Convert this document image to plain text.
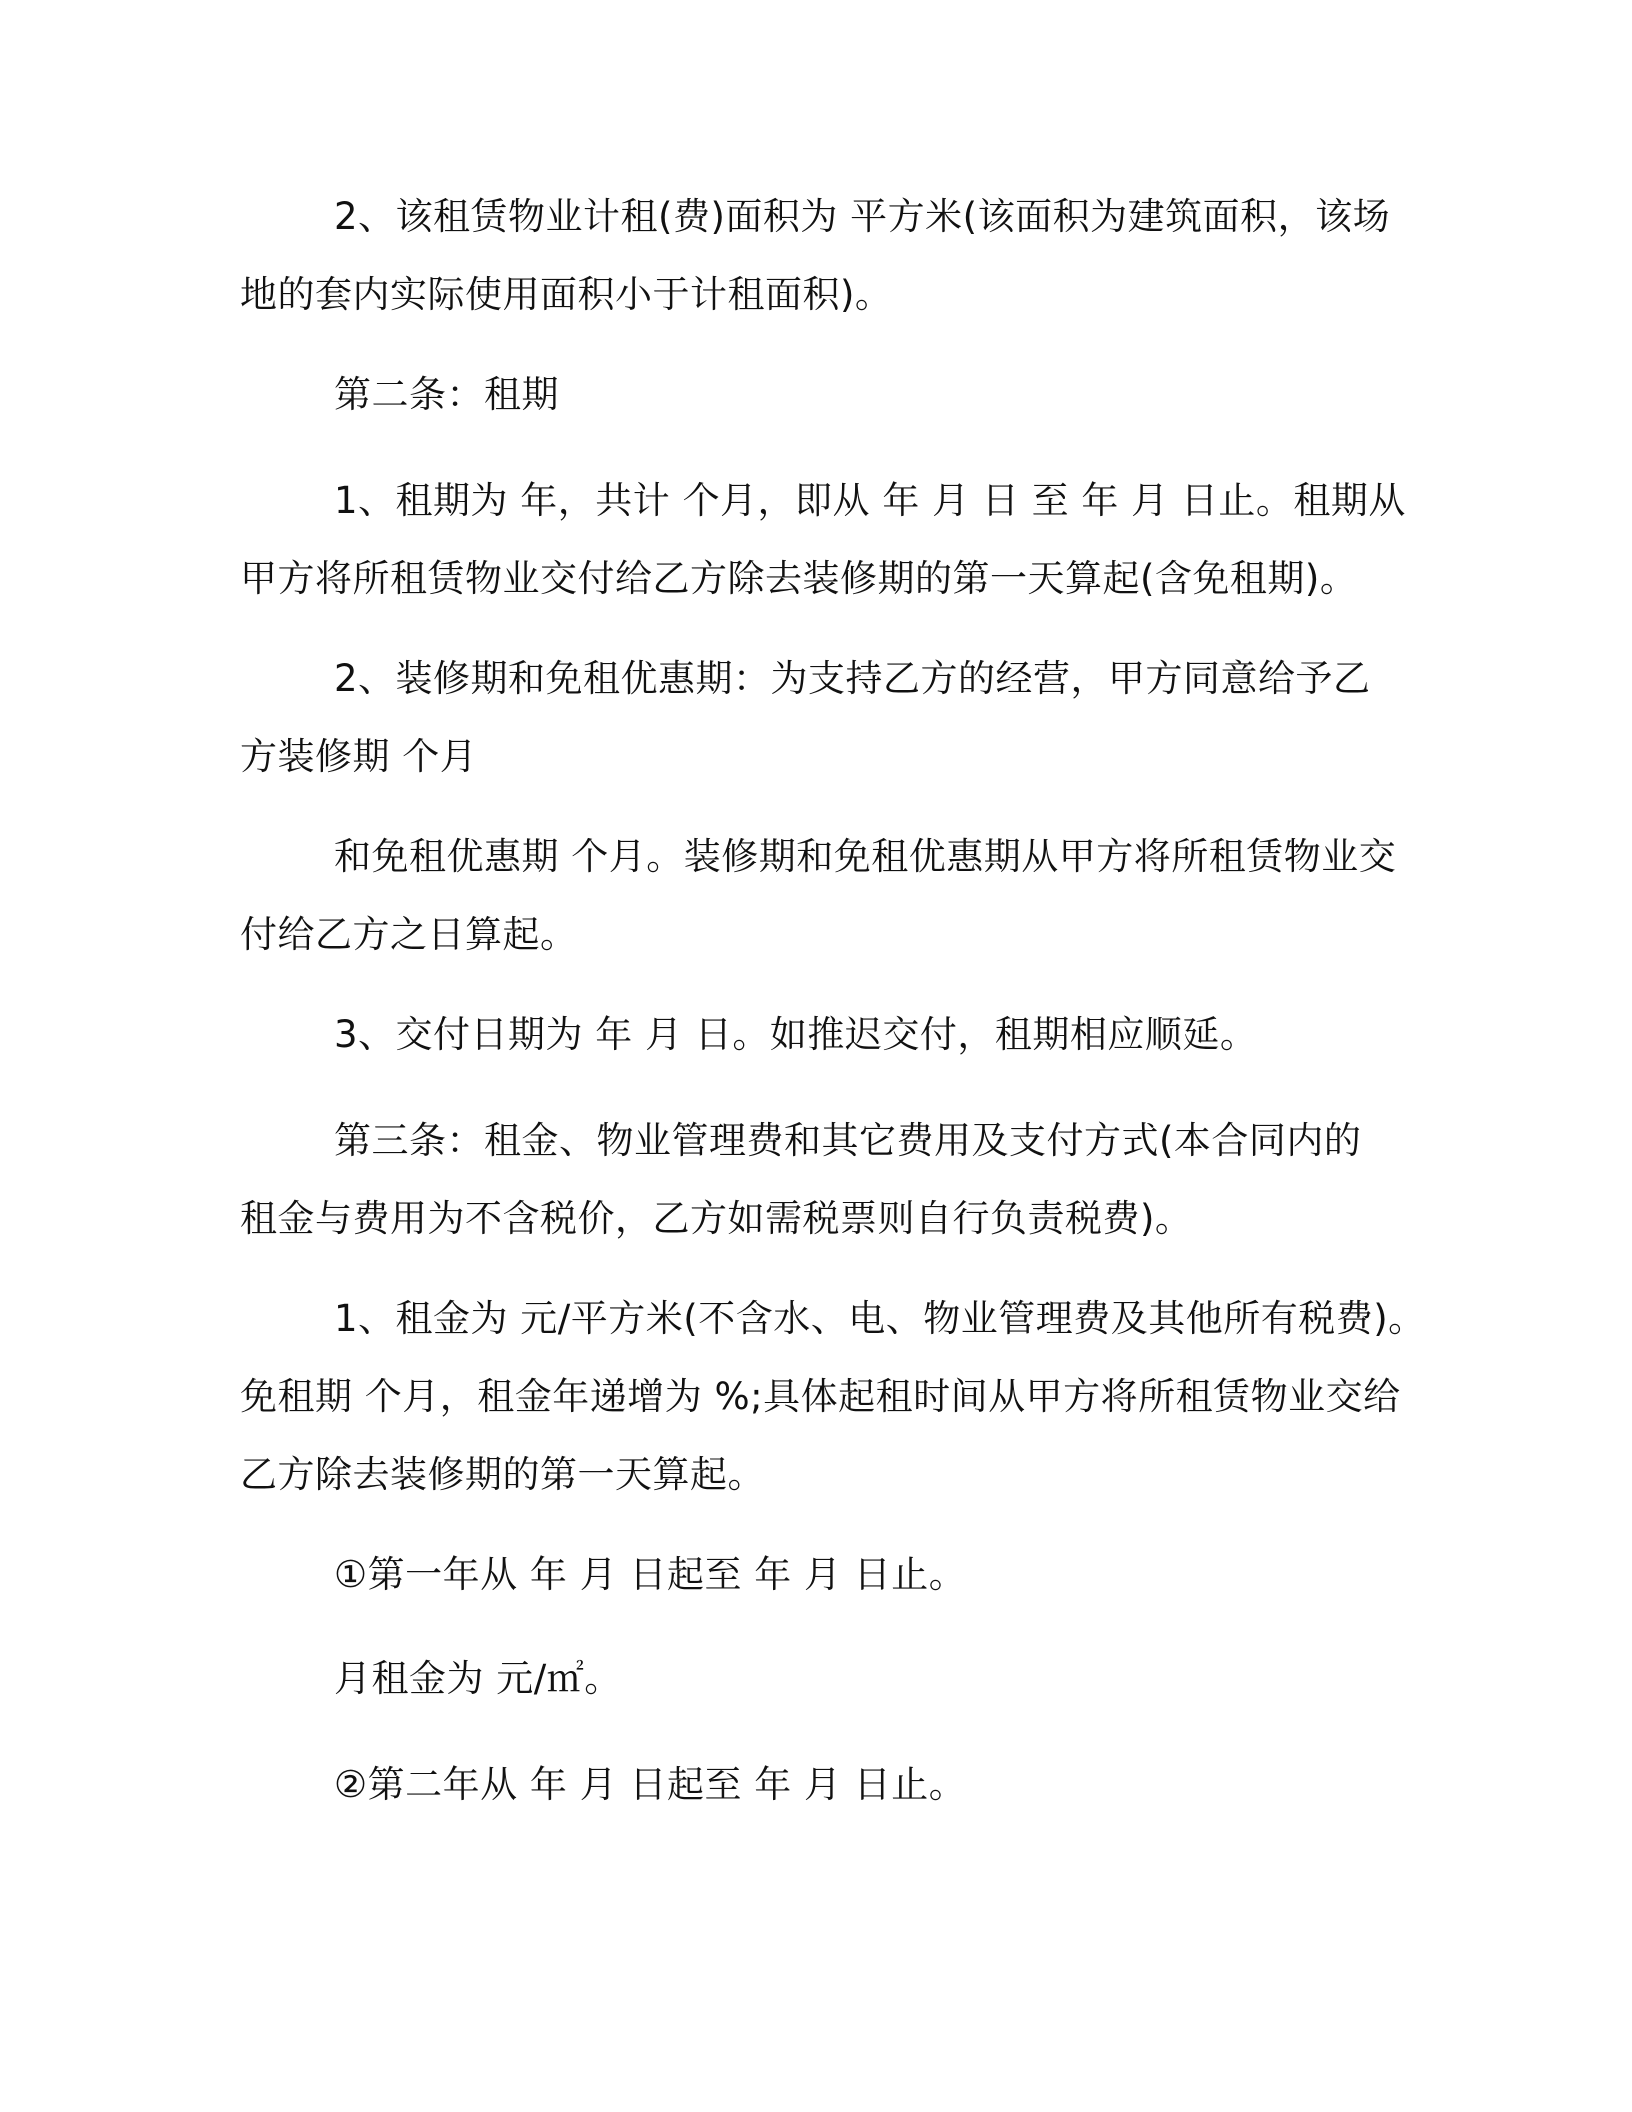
2、该租赁物业计租(费)面积为 平方米(该面积为建筑面积，该场
地的套内实际使用面积小于计租面积)。
第二条：租期
1、租期为 年，共计 个月，即从 年 月 日 至 年 月 日止。租期从
甲方将所租赁物业交付给乙方除去装修期的第一天算起(含免租期)。
2、装修期和免租优惠期：为支持乙方的经营，甲方同意给予乙
方装修期 个月
和免租优惠期 个月。装修期和免租优惠期从甲方将所租赁物业交
付给乙方之日算起。
3、交付日期为 年 月 日。如推迟交付，租期相应顺延。
第三条：租金、物业管理费和其它费用及支付方式(本合同内的
租金与费用为不含税价，乙方如需税票则自行负责税费)。
1、租金为 元/平方米(不含水、电、物业管理费及其他所有税费)。
免租期 个月，租金年递增为 %;具体起租时间从甲方将所租赁物业交给
乙方除去装修期的第一天算起。
①第一年从 年 月 日起至 年 月 日止。
月租金为 元/㎡。
②第二年从 年 月 日起至 年 月 日止。
